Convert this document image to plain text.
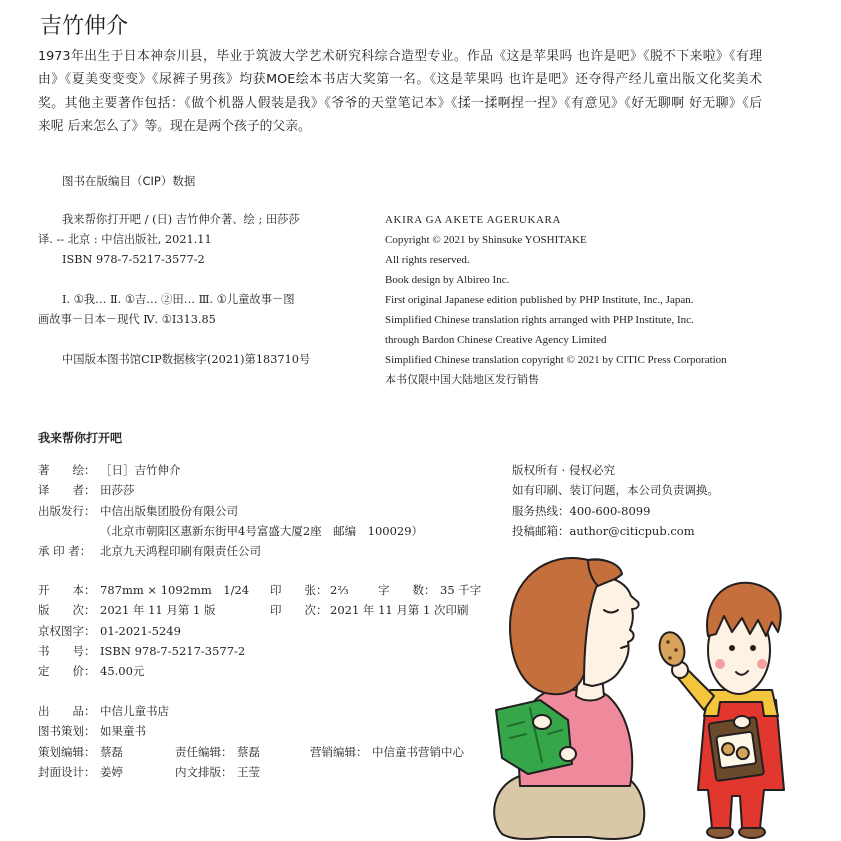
吉竹伸介
1973年出生于日本神奈川县，毕业于筑波大学艺术研究科综合造型专业。作品《这是苹果吗 也许是吧》《脱不下来啦》《有理
由》《夏美变变变》《尿裤子男孩》均获MOE绘本书店大奖第一名。《这是苹果吗 也许是吧》还夺得产经儿童出版文化奖美术
奖。其他主要著作包括：《做个机器人假装是我》《爷爷的天堂笔记本》《揉一揉啊捏一捏》《有意见》《好无聊啊 好无聊》《后
来呢 后来怎么了》等。现在是两个孩子的父亲。
图书在版编目（CIP）数据
我来帮你打开吧 / (日) 吉竹伸介著、绘 ; 田莎莎
译. -- 北京 : 中信出版社, 2021.11
ISBN 978-7-5217-3577-2
Ⅰ. ①我… Ⅱ. ①吉… ②田… Ⅲ. ①儿童故事－图
画故事－日本－现代 Ⅳ. ①I313.85
中国版本图书馆CIP数据核字(2021)第183710号
AKIRA GA AKETE AGERUKARA
Copyright © 2021 by Shinsuke YOSHITAKE
All rights reserved.
Book design by Albireo Inc.
First original Japanese edition published by PHP Institute, Inc., Japan.
Simplified Chinese translation rights arranged with PHP Institute, Inc.
through Bardon Chinese Creative Agency Limited
Simplified Chinese translation copyright © 2021 by CITIC Press Corporation
本书仅限中国大陆地区发行销售
我来帮你打开吧
著　　绘： ［日］吉竹伸介
译　　者： 田莎莎
出版发行： 中信出版集团股份有限公司
（北京市朝阳区惠新东街甲4号富盛大厦2座　邮编　100029）
承 印 者： 北京九天鸿程印刷有限责任公司
版权所有 · 侵权必究
如有印刷、装订问题，本公司负责调换。
服务热线：400-600-8099
投稿邮箱：author@citicpub.com
开　　本： 787mm × 1092mm　1/24 印　　张： 2⅔	字　　数： 35 千字
版　　次： 2021 年 11 月第 1 版	印　　次： 2021 年 11 月第 1 次印刷
京权图字： 01-2021-5249
书　　号： ISBN 978-7-5217-3577-2
定　　价： 45.00元
出　　品： 中信儿童书店
图书策划： 如果童书
策划编辑： 蔡磊	责任编辑： 蔡磊	营销编辑： 中信童书营销中心
封面设计： 姜婷	内文排版： 王莹
